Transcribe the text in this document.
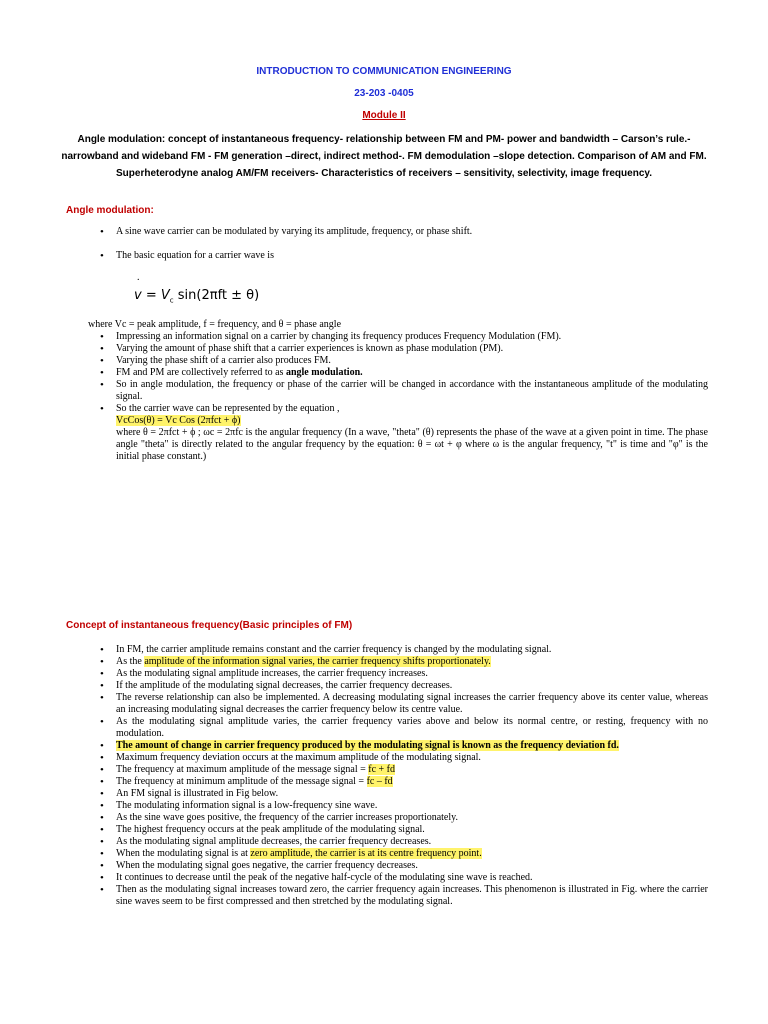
INTRODUCTION TO COMMUNICATION ENGINEERING
23-203 -0405
Module II
Angle modulation: concept of instantaneous frequency- relationship between FM and PM- power and bandwidth – Carson’s rule.- narrowband and wideband FM - FM generation –direct, indirect method-. FM demodulation –slope detection. Comparison of AM and FM. Superheterodyne analog AM/FM receivers- Characteristics of receivers – sensitivity, selectivity, image frequency.
Angle modulation:
• A sine wave carrier can be modulated by varying its amplitude, frequency, or phase shift.
• The basic equation for a carrier wave is
.
$v = V_c$ sin(2πft ± θ)
where Vc = peak amplitude, f = frequency, and θ = phase angle
• Impressing an information signal on a carrier by changing its frequency produces Frequency Modulation (FM).
• Varying the amount of phase shift that a carrier experiences is known as phase modulation (PM).
• Varying the phase shift of a carrier also produces FM.
• FM and PM are collectively referred to as angle modulation.
• So in angle modulation, the frequency or phase of the carrier will be changed in accordance with the instantaneous amplitude of the modulating signal.
• So the carrier wave can be represented by the equation ,
VcCos(θ) = Vc Cos (2πfct + ϕ)
where θ = 2πfct + ϕ ; ωc = 2πfc is the angular frequency (In a wave, "theta" (θ) represents the phase of the wave at a given point in time. The phase angle "theta" is directly related to the angular frequency by the equation: θ = ωt + φ where ω is the angular frequency, "t" is time and "φ" is the initial phase constant.)
Concept of instantaneous frequency(Basic principles of FM)
• In FM, the carrier amplitude remains constant and the carrier frequency is changed by the modulating signal.
• As the amplitude of the information signal varies, the carrier frequency shifts proportionately.
• As the modulating signal amplitude increases, the carrier frequency increases.
• If the amplitude of the modulating signal decreases, the carrier frequency decreases.
• The reverse relationship can also be implemented. A decreasing modulating signal increases the carrier frequency above its center value, whereas an increasing modulating signal decreases the carrier frequency below its centre value.
• As the modulating signal amplitude varies, the carrier frequency varies above and below its normal centre, or resting, frequency with no modulation.
• The amount of change in carrier frequency produced by the modulating signal is known as the frequency deviation fd.
• Maximum frequency deviation occurs at the maximum amplitude of the modulating signal.
• The frequency at maximum amplitude of the message signal = fc + fd
• The frequency at minimum amplitude of the message signal = fc – fd
• An FM signal is illustrated in Fig below.
• The modulating information signal is a low-frequency sine wave.
• As the sine wave goes positive, the frequency of the carrier increases proportionately.
• The highest frequency occurs at the peak amplitude of the modulating signal.
• As the modulating signal amplitude decreases, the carrier frequency decreases.
• When the modulating signal is at zero amplitude, the carrier is at its centre frequency point.
• When the modulating signal goes negative, the carrier frequency decreases.
• It continues to decrease until the peak of the negative half-cycle of the modulating sine wave is reached.
• Then as the modulating signal increases toward zero, the carrier frequency again increases. This phenomenon is illustrated in Fig. where the carrier sine waves seem to be first compressed and then stretched by the modulating signal.
